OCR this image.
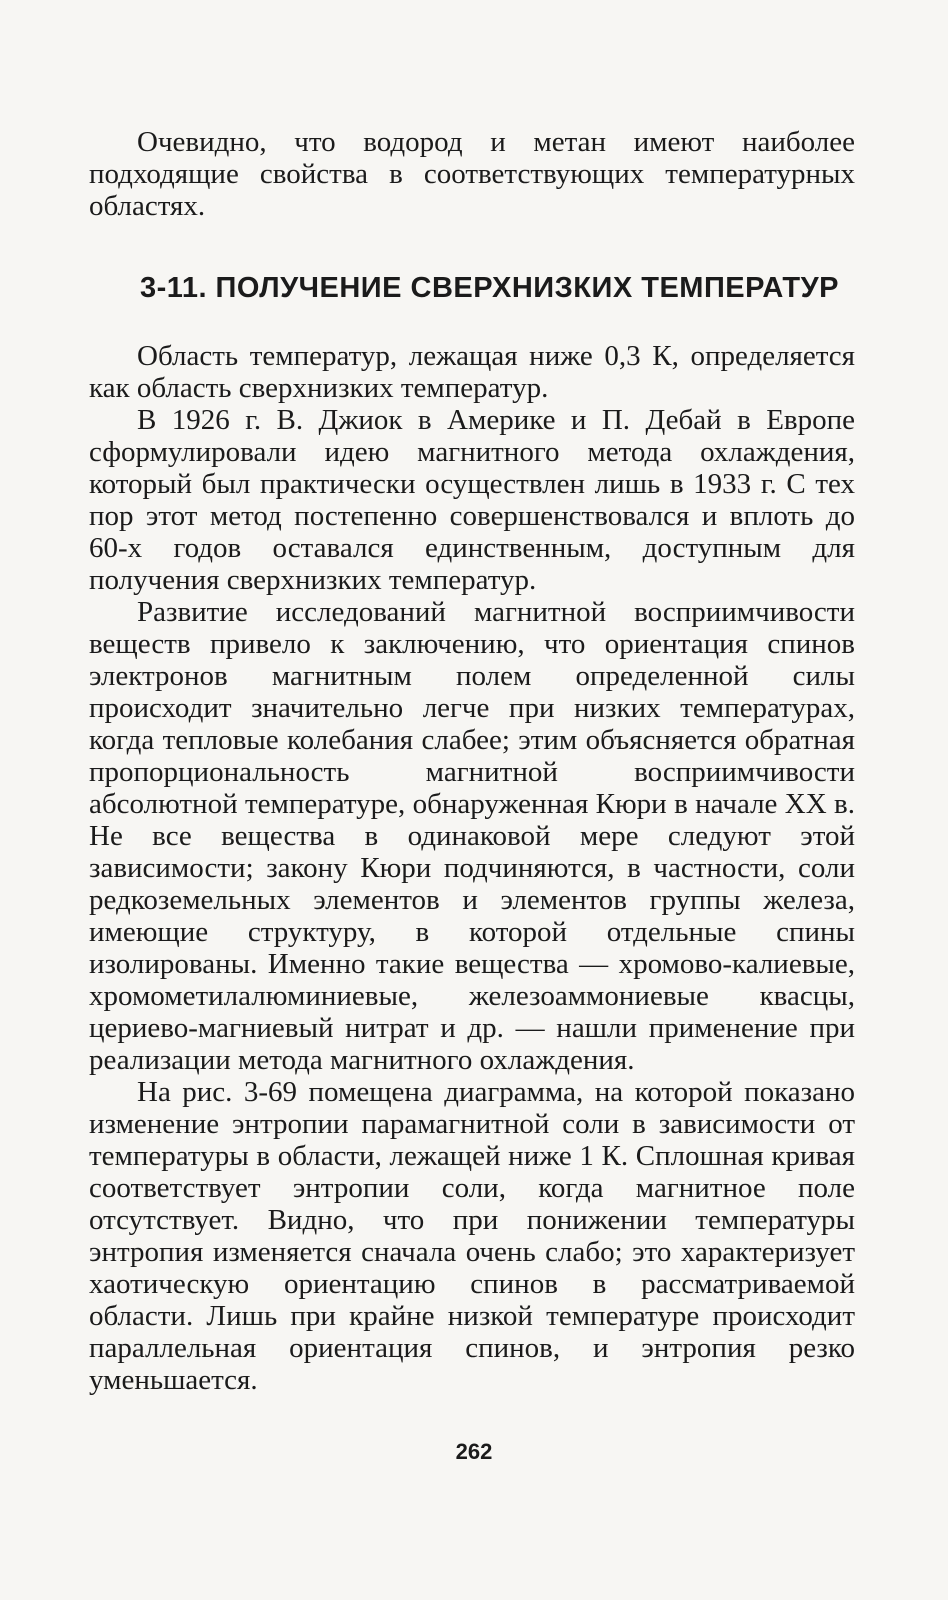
Очевидно, что водород и метан имеют наиболее подходящие свойства в соответствующих температурных областях.

3-11. ПОЛУЧЕНИЕ СВЕРХНИЗКИХ ТЕМПЕРАТУР

Область температур, лежащая ниже 0,3 К, определяется как область сверхнизких температур.

В 1926 г. В. Джиок в Америке и П. Дебай в Европе сформулировали идею магнитного метода охлаждения, который был практически осуществлен лишь в 1933 г. С тех пор этот метод постепенно совершенствовался и вплоть до 60-х годов оставался единственным, доступным для получения сверхнизких температур.

Развитие исследований магнитной восприимчивости веществ привело к заключению, что ориентация спинов электронов магнитным полем определенной силы происходит значительно легче при низких температурах, когда тепловые колебания слабее; этим объясняется обратная пропорциональность магнитной восприимчивости абсолютной температуре, обнаруженная Кюри в начале XX в. Не все вещества в одинаковой мере следуют этой зависимости; закону Кюри подчиняются, в частности, соли редкоземельных элементов и элементов группы железа, имеющие структуру, в которой отдельные спины изолированы. Именно такие вещества — хромово-калиевые, хромометилалюминиевые, железоаммониевые квасцы, цериево-магниевый нитрат и др. — нашли применение при реализации метода магнитного охлаждения.

На рис. 3-69 помещена диаграмма, на которой показано изменение энтропии парамагнитной соли в зависимости от температуры в области, лежащей ниже 1 К. Сплошная кривая соответствует энтропии соли, когда магнитное поле отсутствует. Видно, что при понижении температуры энтропия изменяется сначала очень слабо; это характеризует хаотическую ориентацию спинов в рассматриваемой области. Лишь при крайне низкой температуре происходит параллельная ориентация спинов, и энтропия резко уменьшается.

262
